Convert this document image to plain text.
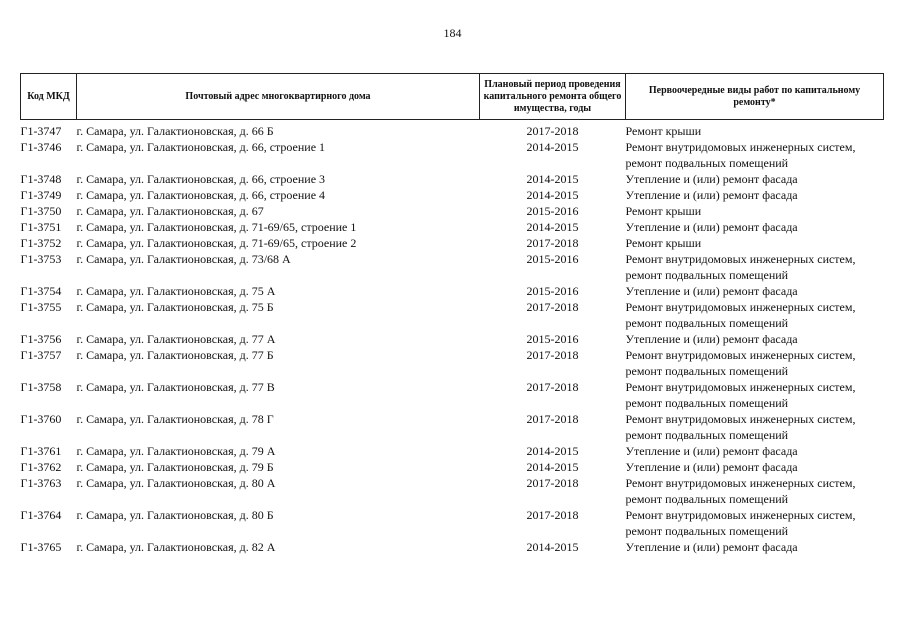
184
Код МКД	Почтовый адрес многоквартирного дома	Плановый период проведения капитального ремонта общего имущества, годы	Первоочередные виды работ по капитальному ремонту*

Г1-3747	г. Самара, ул. Галактионовская, д. 66 Б	2017-2018	Ремонт крыши

Г1-3746	г. Самара, ул. Галактионовская, д. 66, строение 1	2014-2015	Ремонт внутридомовых инженерных систем,
ремонт подвальных помещений

Г1-3748	г. Самара, ул. Галактионовская, д. 66, строение 3	2014-2015	Утепление и (или) ремонт фасада

Г1-3749	г. Самара, ул. Галактионовская, д. 66, строение 4	2014-2015	Утепление и (или) ремонт фасада

Г1-3750	г. Самара, ул. Галактионовская, д. 67	2015-2016	Ремонт крыши

Г1-3751	г. Самара, ул. Галактионовская, д. 71-69/65, строение 1	2014-2015	Утепление и (или) ремонт фасада

Г1-3752	г. Самара, ул. Галактионовская, д. 71-69/65, строение 2	2017-2018	Ремонт крыши

Г1-3753	г. Самара, ул. Галактионовская, д. 73/68 А	2015-2016	Ремонт внутридомовых инженерных систем,
ремонт подвальных помещений

Г1-3754	г. Самара, ул. Галактионовская, д. 75 А	2015-2016	Утепление и (или) ремонт фасада

Г1-3755	г. Самара, ул. Галактионовская, д. 75 Б	2017-2018	Ремонт внутридомовых инженерных систем,
ремонт подвальных помещений

Г1-3756	г. Самара, ул. Галактионовская, д. 77 А	2015-2016	Утепление и (или) ремонт фасада

Г1-3757	г. Самара, ул. Галактионовская, д. 77 Б	2017-2018	Ремонт внутридомовых инженерных систем,
ремонт подвальных помещений

Г1-3758	г. Самара, ул. Галактионовская, д. 77 В	2017-2018	Ремонт внутридомовых инженерных систем,
ремонт подвальных помещений

Г1-3760	г. Самара, ул. Галактионовская, д. 78 Г	2017-2018	Ремонт внутридомовых инженерных систем,
ремонт подвальных помещений

Г1-3761	г. Самара, ул. Галактионовская, д. 79 А	2014-2015	Утепление и (или) ремонт фасада

Г1-3762	г. Самара, ул. Галактионовская, д. 79 Б	2014-2015	Утепление и (или) ремонт фасада

Г1-3763	г. Самара, ул. Галактионовская, д. 80 А	2017-2018	Ремонт внутридомовых инженерных систем,
ремонт подвальных помещений

Г1-3764	г. Самара, ул. Галактионовская, д. 80 Б	2017-2018	Ремонт внутридомовых инженерных систем,
ремонт подвальных помещений

Г1-3765	г. Самара, ул. Галактионовская, д. 82 А	2014-2015	Утепление и (или) ремонт фасада
